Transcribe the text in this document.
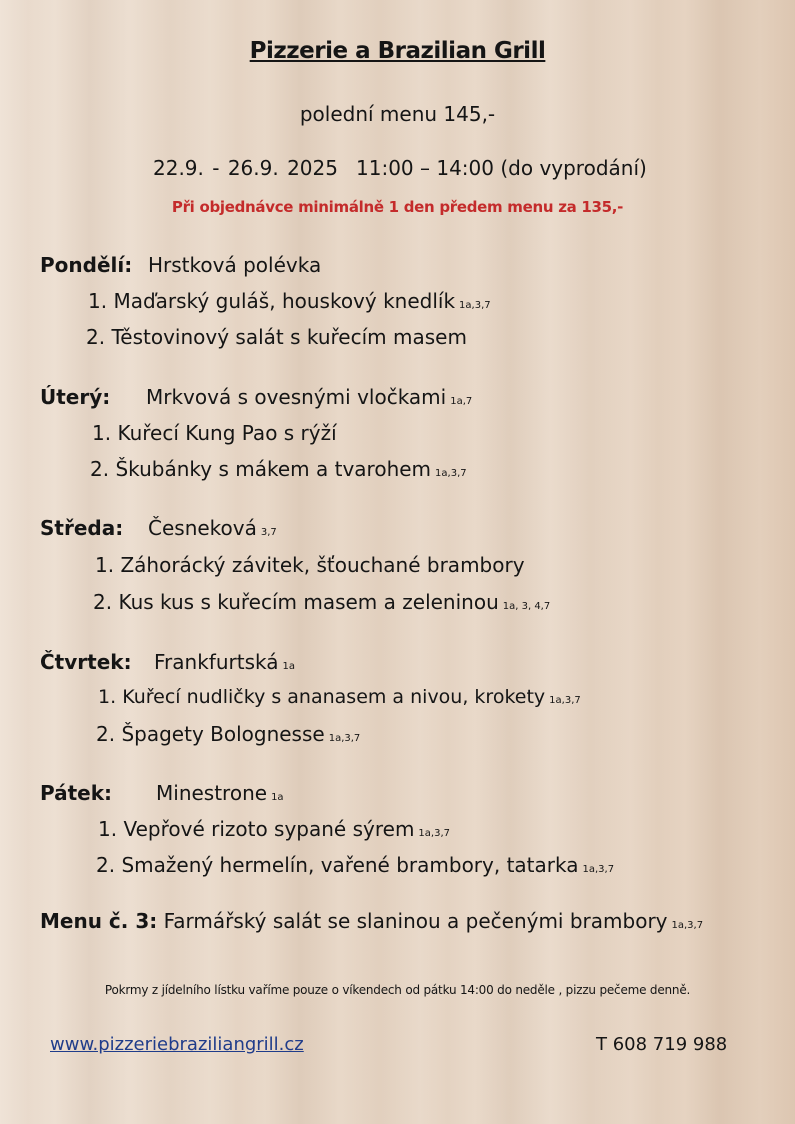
Pizzerie a Brazilian Grill
polední menu 145,-
22.9. - 26.9. 2025 11:00 – 14:00 (do vyprodání)
Při objednávce minimálně 1 den předem menu za 135,-
Pondělí: Hrstková polévka
1. Maďarský guláš, houskový knedlík 1a,3,7
2. Těstovinový salát s kuřecím masem
Úterý: Mrkvová s ovesnými vločkami 1a,7
1. Kuřecí Kung Pao s rýží
2. Škubánky s mákem a tvarohem 1a,3,7
Středa: Česneková 3,7
1. Záhorácký závitek, šťouchané brambory
2. Kus kus s kuřecím masem a zeleninou 1a, 3, 4,7
Čtvrtek: Frankfurtská 1a
1. Kuřecí nudličky s ananasem a nivou, krokety 1a,3,7
2. Špagety Bolognesse 1a,3,7
Pátek: Minestrone 1a
1. Vepřové rizoto sypané sýrem 1a,3,7
2. Smažený hermelín, vařené brambory, tatarka 1a,3,7
Menu č. 3: Farmářský salát se slaninou a pečenými brambory 1a,3,7
Pokrmy z jídelního lístku vaříme pouze o víkendech od pátku 14:00 do neděle , pizzu pečeme denně.
www.pizzeriebraziliangrill.cz	T 608 719 988
